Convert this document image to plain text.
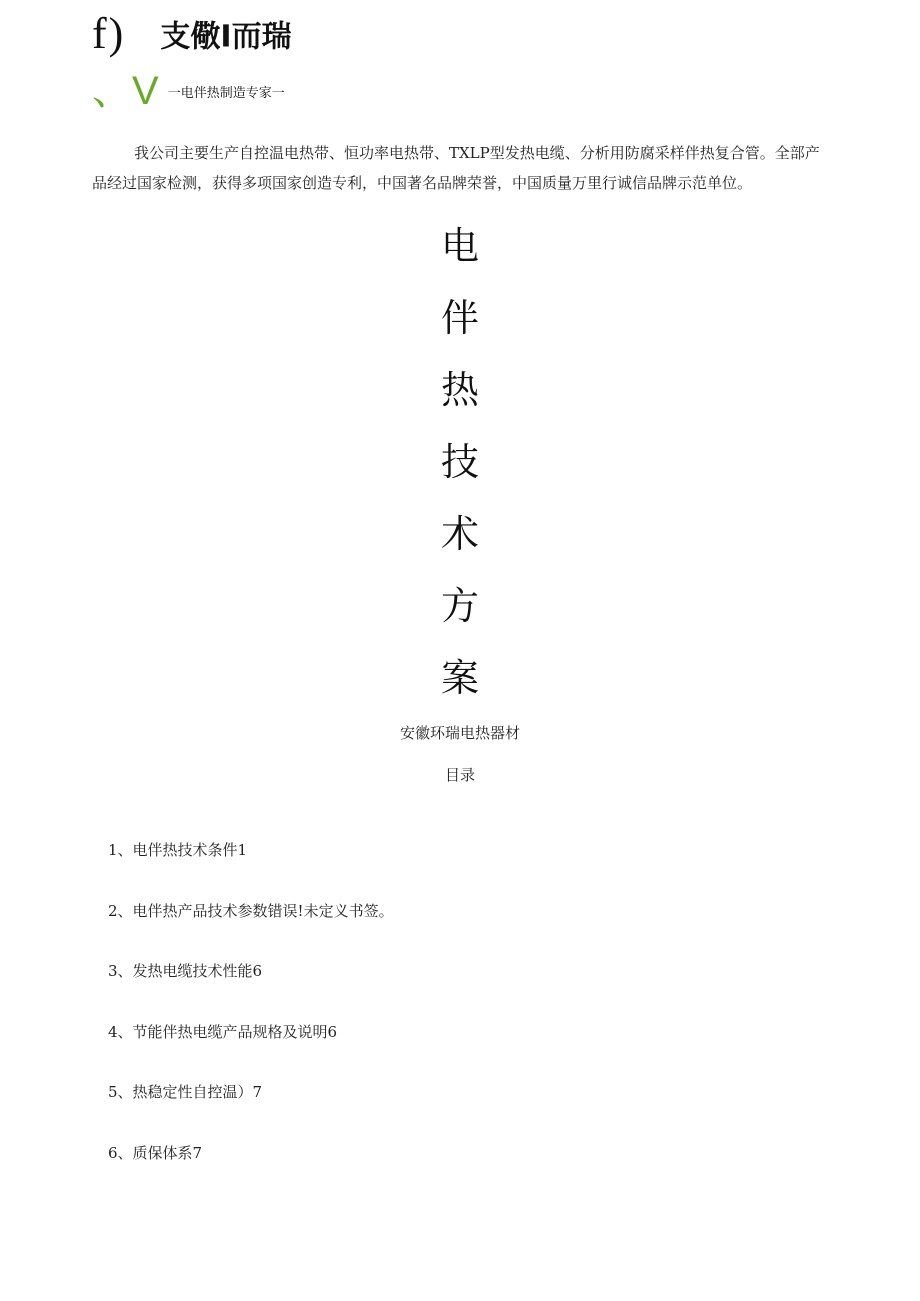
f) 支儆I而瑞
、V 一电伴热制造专家一

我公司主要生产自控温电热带、恒功率电热带、TXLP型发热电缆、分析用防腐采样伴热复合管。全部产品经过国家检测，获得多项国家创造专利，中国著名品牌荣誉，中国质量万里行诚信品牌示范单位。

电
伴
热
技
术
方
案
安徽环瑞电热器材
目录
1、电伴热技术条件1
2、电伴热产品技术参数错误!未定义书签。
3、发热电缆技术性能6
4、节能伴热电缆产品规格及说明6
5、热稳定性自控温）7
6、质保体系7
